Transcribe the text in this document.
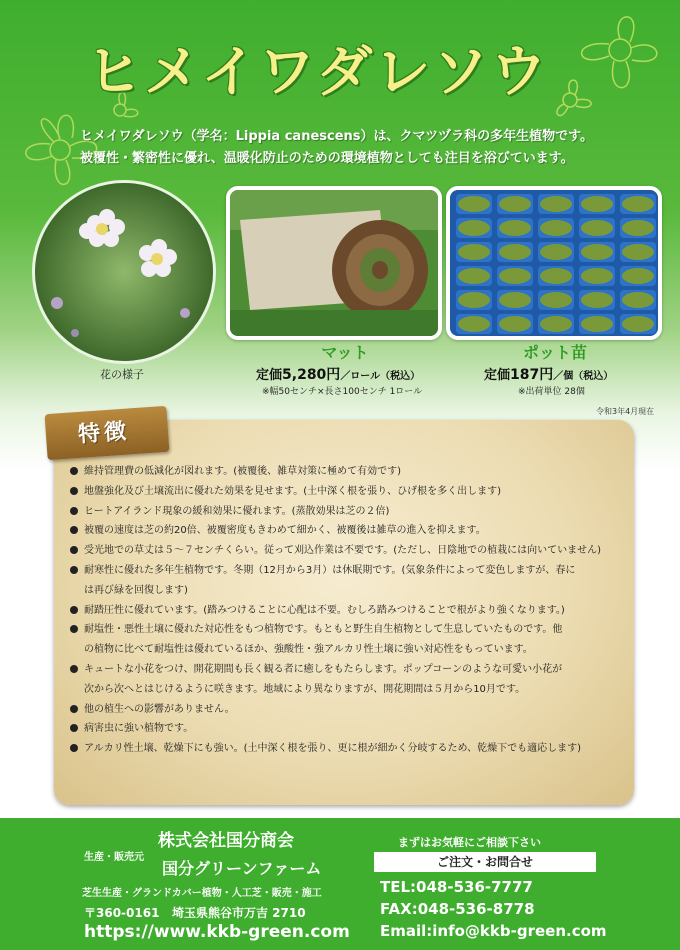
ヒメイワダレソウ

ヒメイワダレソウ（学名：Lippia canescens）は、クマツヅラ科の多年生植物です。

被覆性・繁密性に優れ、温暖化防止のための環境植物としても注目を浴びています。

花の様子
マット
定価5,280円／ロール（税込）
※幅50センチ×長さ100センチ 1ロール
ポット苗
定価187円／個（税込）
※出荷単位 28個
令和3年4月現在
特徴
維持管理費の低減化が図れます。(被覆後、雑草対策に極めて有効です)
地盤強化及び土壌流出に優れた効果を見せます。(土中深く根を張り、ひげ根を多く出します)
ヒートアイランド現象の緩和効果に優れます。(蒸散効果は芝の２倍)
被覆の速度は芝の約20倍、被覆密度もきわめて細かく、被覆後は雑草の進入を抑えます。
受光地での草丈は５～７センチくらい。従って刈込作業は不要です。(ただし、日陰地での植栽には向いていません)
耐寒性に優れた多年生植物です。冬期（12月から3月）は休眠期です。(気象条件によって変色しますが、春に
は再び緑を回復します)
耐踏圧性に優れています。(踏みつけることに心配は不要。むしろ踏みつけることで根がより強くなります。)
耐塩性・悪性土壌に優れた対応性をもつ植物です。もともと野生自生植物として生息していたものです。他
の植物に比べて耐塩性は優れているほか、強酸性・強アルカリ性土壌に強い対応性をもっています。
キュートな小花をつけ、開花期間も長く観る者に癒しをもたらします。ポップコーンのような可愛い小花が
次から次へとはじけるように咲きます。地域により異なりますが、開花期間は５月から10月です。
他の植生への影響がありません。
病害虫に強い植物です。
アルカリ性土壌、乾燥下にも強い。(土中深く根を張り、更に根が細かく分岐するため、乾燥下でも適応します)
生産・販売元
株式会社国分商会
国分グリーンファーム
芝生生産・グランドカバー植物・人工芝・販売・施工
〒360-0161 埼玉県熊谷市万吉 2710
https://www.kkb-green.com
まずはお気軽にご相談下さい
ご注文・お問合せ
TEL:048-536-7777
FAX:048-536-8778
Email:info@kkb-green.com
